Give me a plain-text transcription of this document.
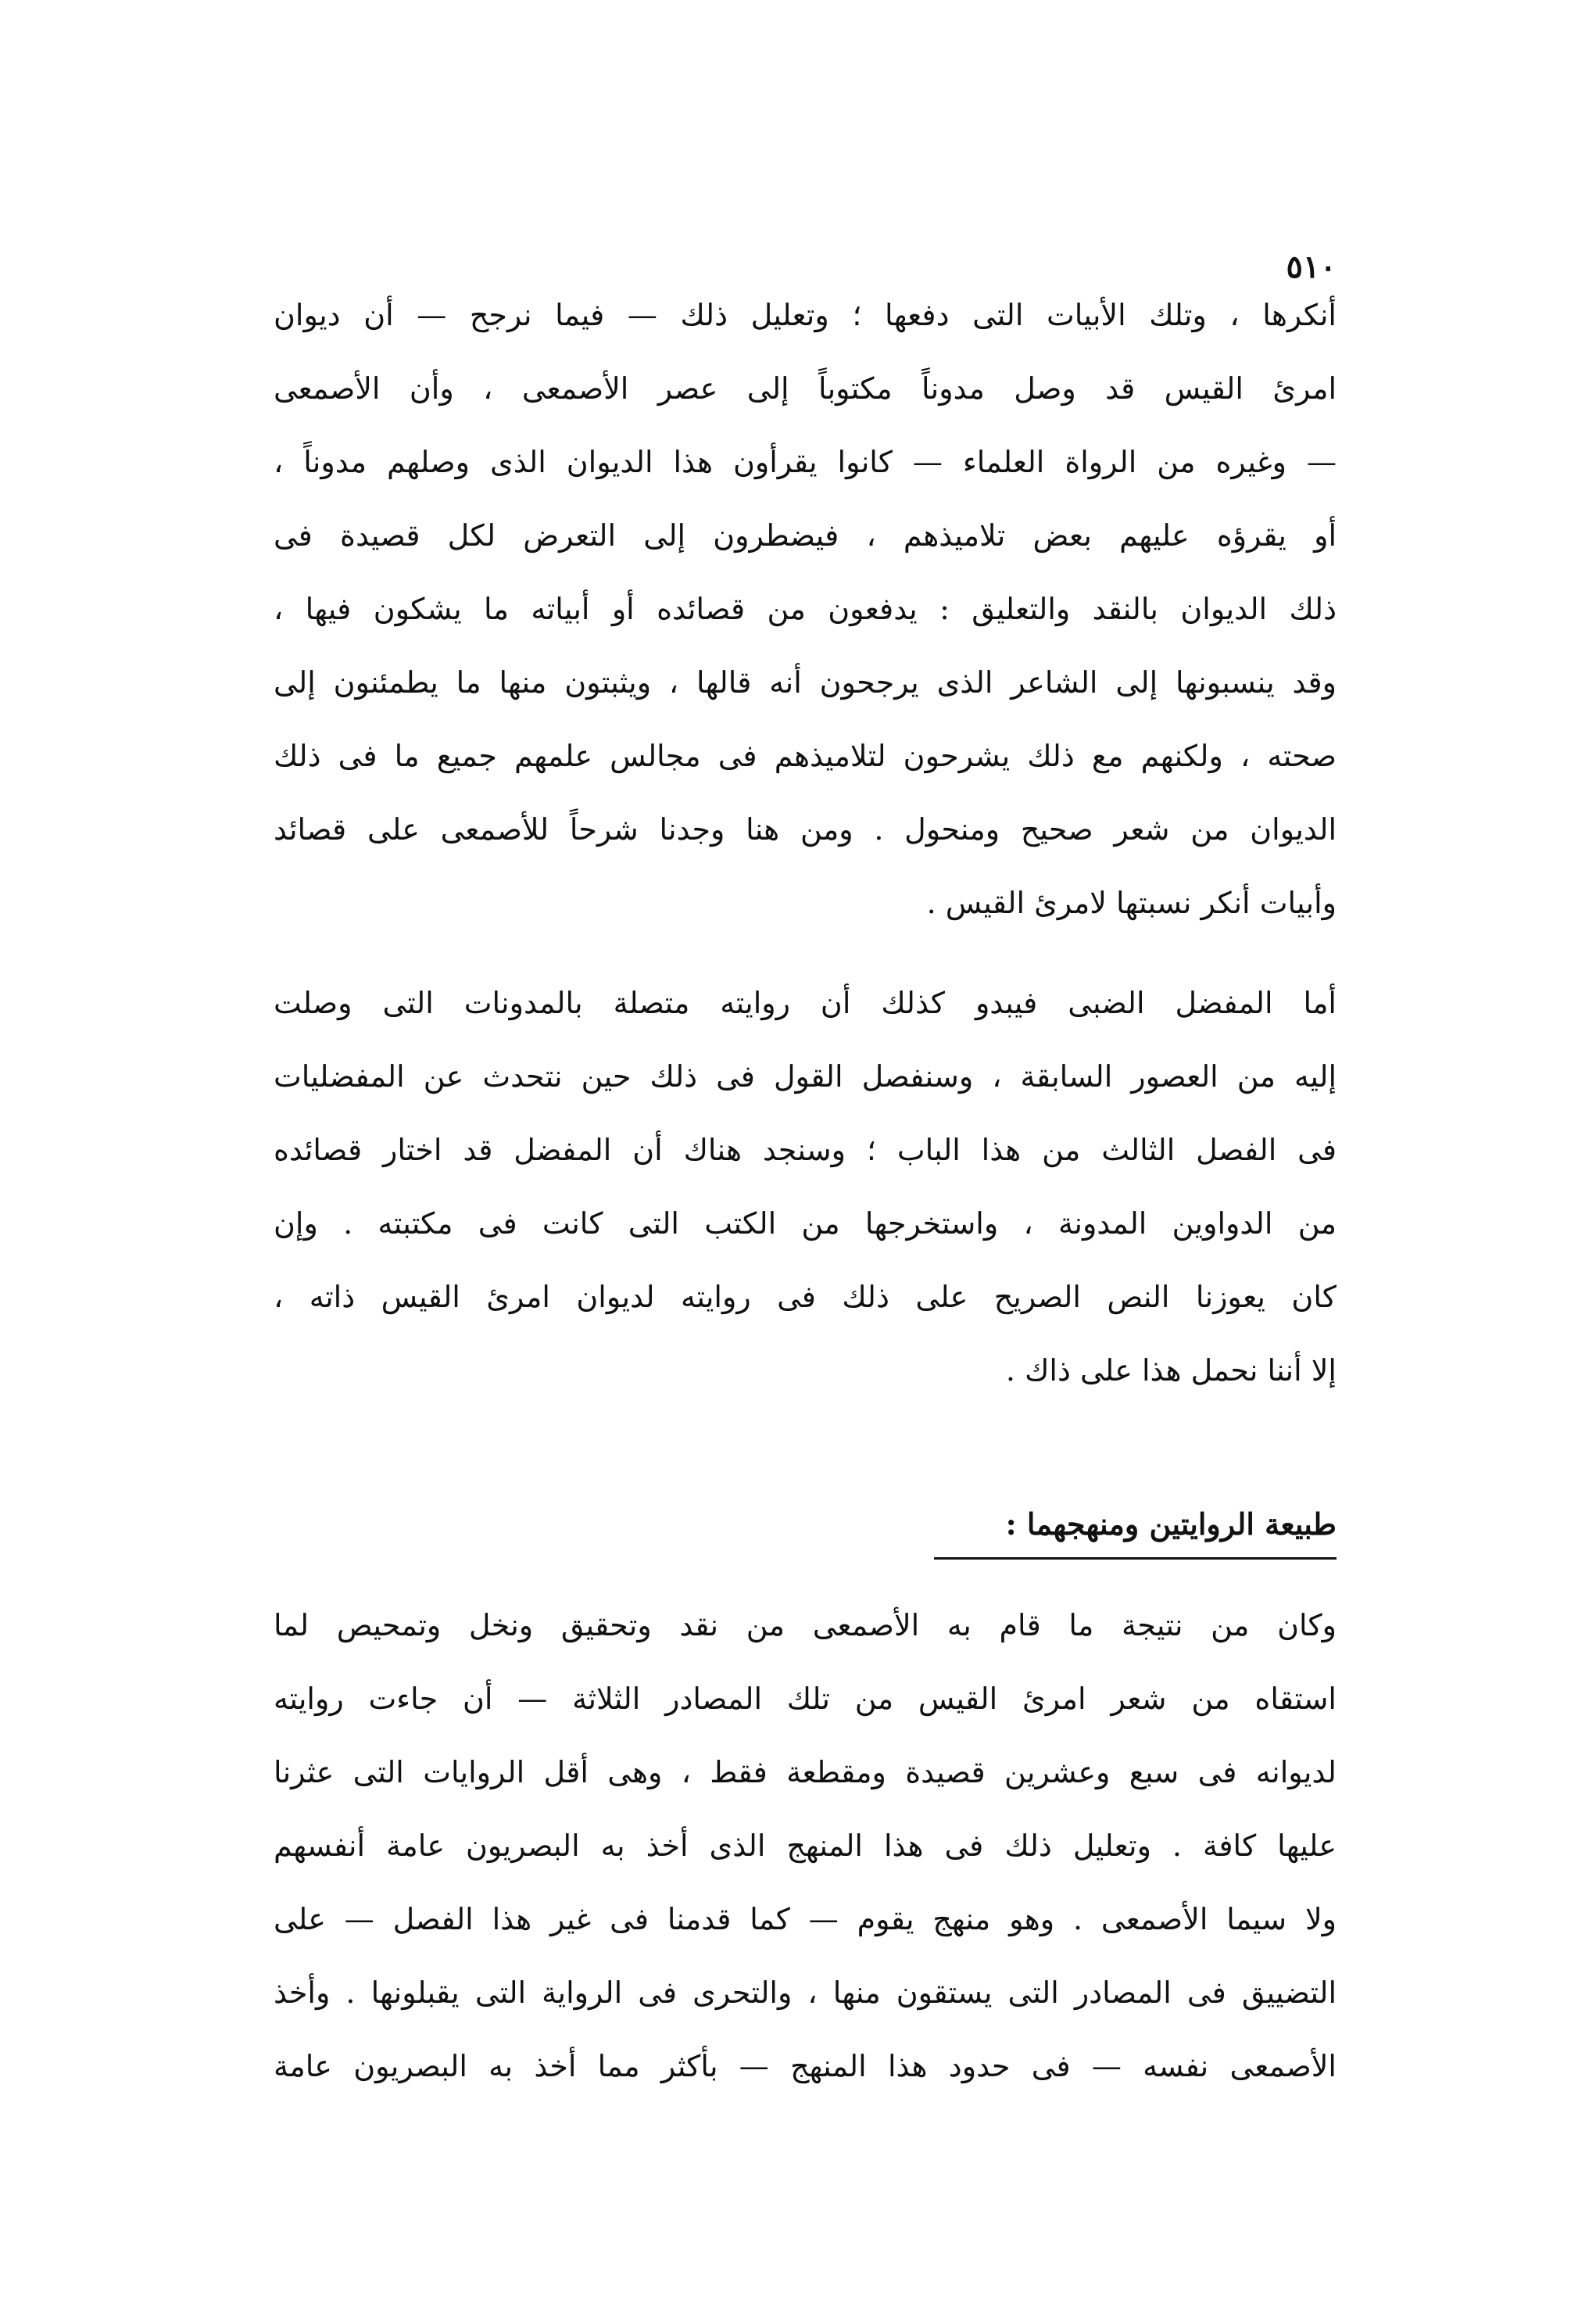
٥١٠
أنكرها ، وتلك الأبيات التى دفعها ؛ وتعليل ذلك — فيما نرجح — أن ديوان
امرئ القيس قد وصل مدوناً مكتوباً إلى عصر الأصمعى ، وأن الأصمعى
— وغيره من الرواة العلماء — كانوا يقرأون هذا الديوان الذى وصلهم مدوناً ،
أو يقرؤه عليهم بعض تلاميذهم ، فيضطرون إلى التعرض لكل قصيدة فى
ذلك الديوان بالنقد والتعليق : يدفعون من قصائده أو أبياته ما يشكون فيها ،
وقد ينسبونها إلى الشاعر الذى يرجحون أنه قالها ، ويثبتون منها ما يطمئنون إلى
صحته ، ولكنهم مع ذلك يشرحون لتلاميذهم فى مجالس علمهم جميع ما فى ذلك
الديوان من شعر صحيح ومنحول . ومن هنا وجدنا شرحاً للأصمعى على قصائد
وأبيات أنكر نسبتها لامرئ القيس .
أما المفضل الضبى فيبدو كذلك أن روايته متصلة بالمدونات التى وصلت
إليه من العصور السابقة ، وسنفصل القول فى ذلك حين نتحدث عن المفضليات
فى الفصل الثالث من هذا الباب ؛ وسنجد هناك أن المفضل قد اختار قصائده
من الدواوين المدونة ، واستخرجها من الكتب التى كانت فى مكتبته . وإن
كان يعوزنا النص الصريح على ذلك فى روايته لديوان امرئ القيس ذاته ،
إلا أننا نحمل هذا على ذاك .
طبيعة الروايتين ومنهجهما :
وكان من نتيجة ما قام به الأصمعى من نقد وتحقيق ونخل وتمحيص لما
استقاه من شعر امرئ القيس من تلك المصادر الثلاثة — أن جاءت روايته
لديوانه فى سبع وعشرين قصيدة ومقطعة فقط ، وهى أقل الروايات التى عثرنا
عليها كافة . وتعليل ذلك فى هذا المنهج الذى أخذ به البصريون عامة أنفسهم
ولا سيما الأصمعى . وهو منهج يقوم — كما قدمنا فى غير هذا الفصل — على
التضييق فى المصادر التى يستقون منها ، والتحرى فى الرواية التى يقبلونها . وأخذ
الأصمعى نفسه — فى حدود هذا المنهج — بأكثر مما أخذ به البصريون عامة
